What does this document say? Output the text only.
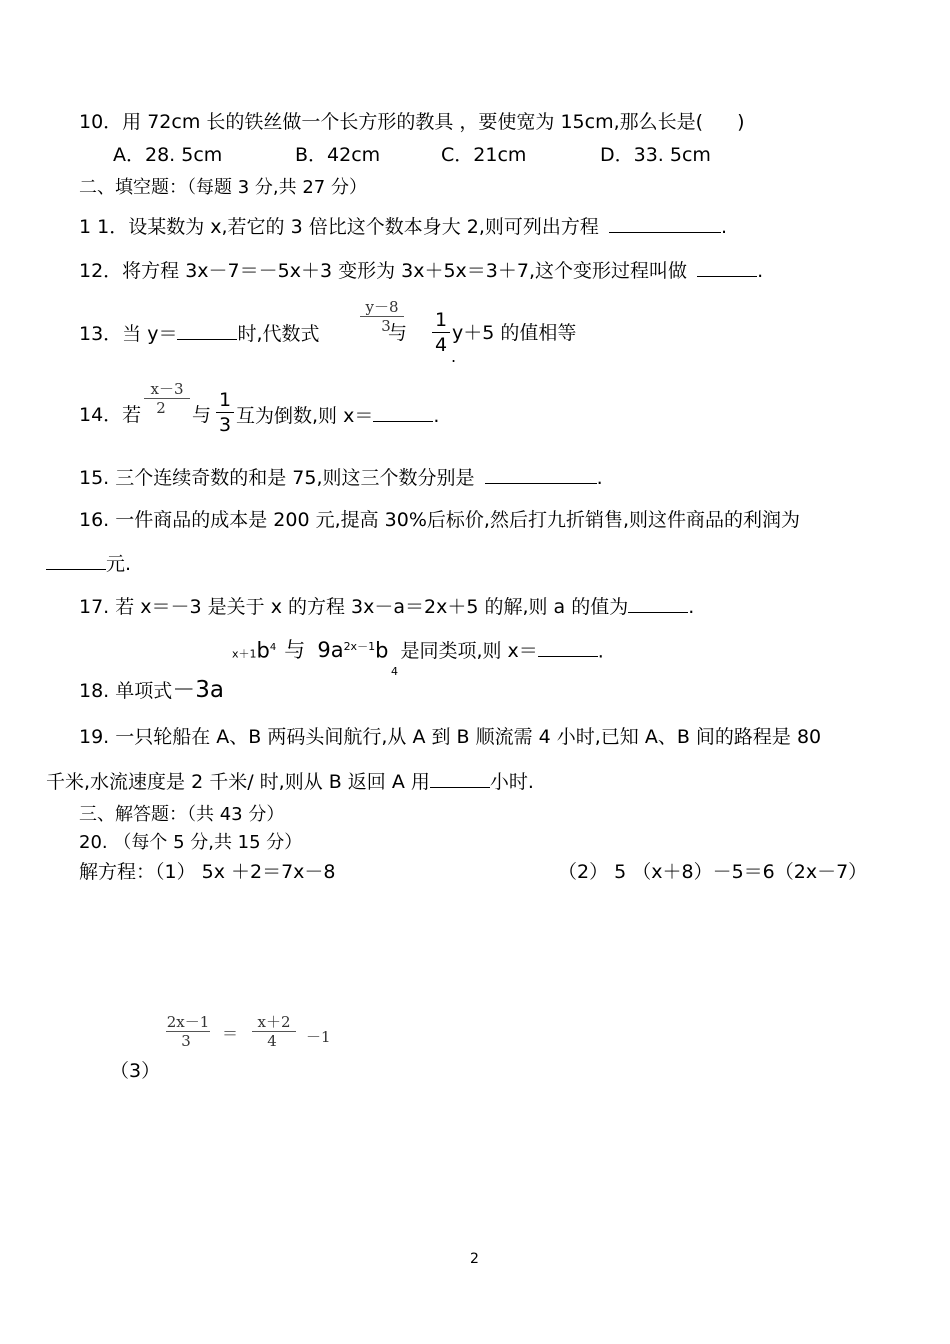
10．用 72cm 长的铁丝做一个长方形的教具 ，要使宽为 15cm,那么长是( )
A．28. 5cm	B．42cm	C．21cm	D．33. 5cm
二、填空题：（每题 3 分,共 27 分）
1 1．设某数为 x,若它的 3 倍比这个数本身大 2,则可列出方程	.
12．将方程 3x－7＝－5x＋3 变形为 3x＋5x＝3＋7,这个变形过程叫做	.
13．当 y＝	时,代数式
y－8
3
与
1
4
y＋5 的值相等
.
14．若
x－3
2	与
1
3 互为倒数,则 x＝	.
15. 三个连续奇数的和是 75,则这三个数分别是	.
16. 一件商品的成本是 200 元,提高 30%后标价,然后打九折销售,则这件商品的利润为
元.
17. 若 x＝－3 是关于 x 的方程 3x－a＝2x＋5 的解,则 a 的值为	.
$x+1b^4$ 与 $9a^{2x-1}b$ 是同类项,则 x＝	.
4
18. 单项式－3a
19. 一只轮船在 A、B 两码头间航行,从 A 到 B 顺流需 4 小时,已知 A、B 间的路程是 80
千米,水流速度是 2 千米/ 时,则从 B 返回 A 用	小时.
三、解答题：（共 43 分）
20. （每个 5 分,共 15 分）
解方程：（1） 5x ＋2＝7x－8	（2） 5 （x＋8）－5＝6（2x－7）
2x－1
3	＝
x＋2
4	－1
（3）
2
